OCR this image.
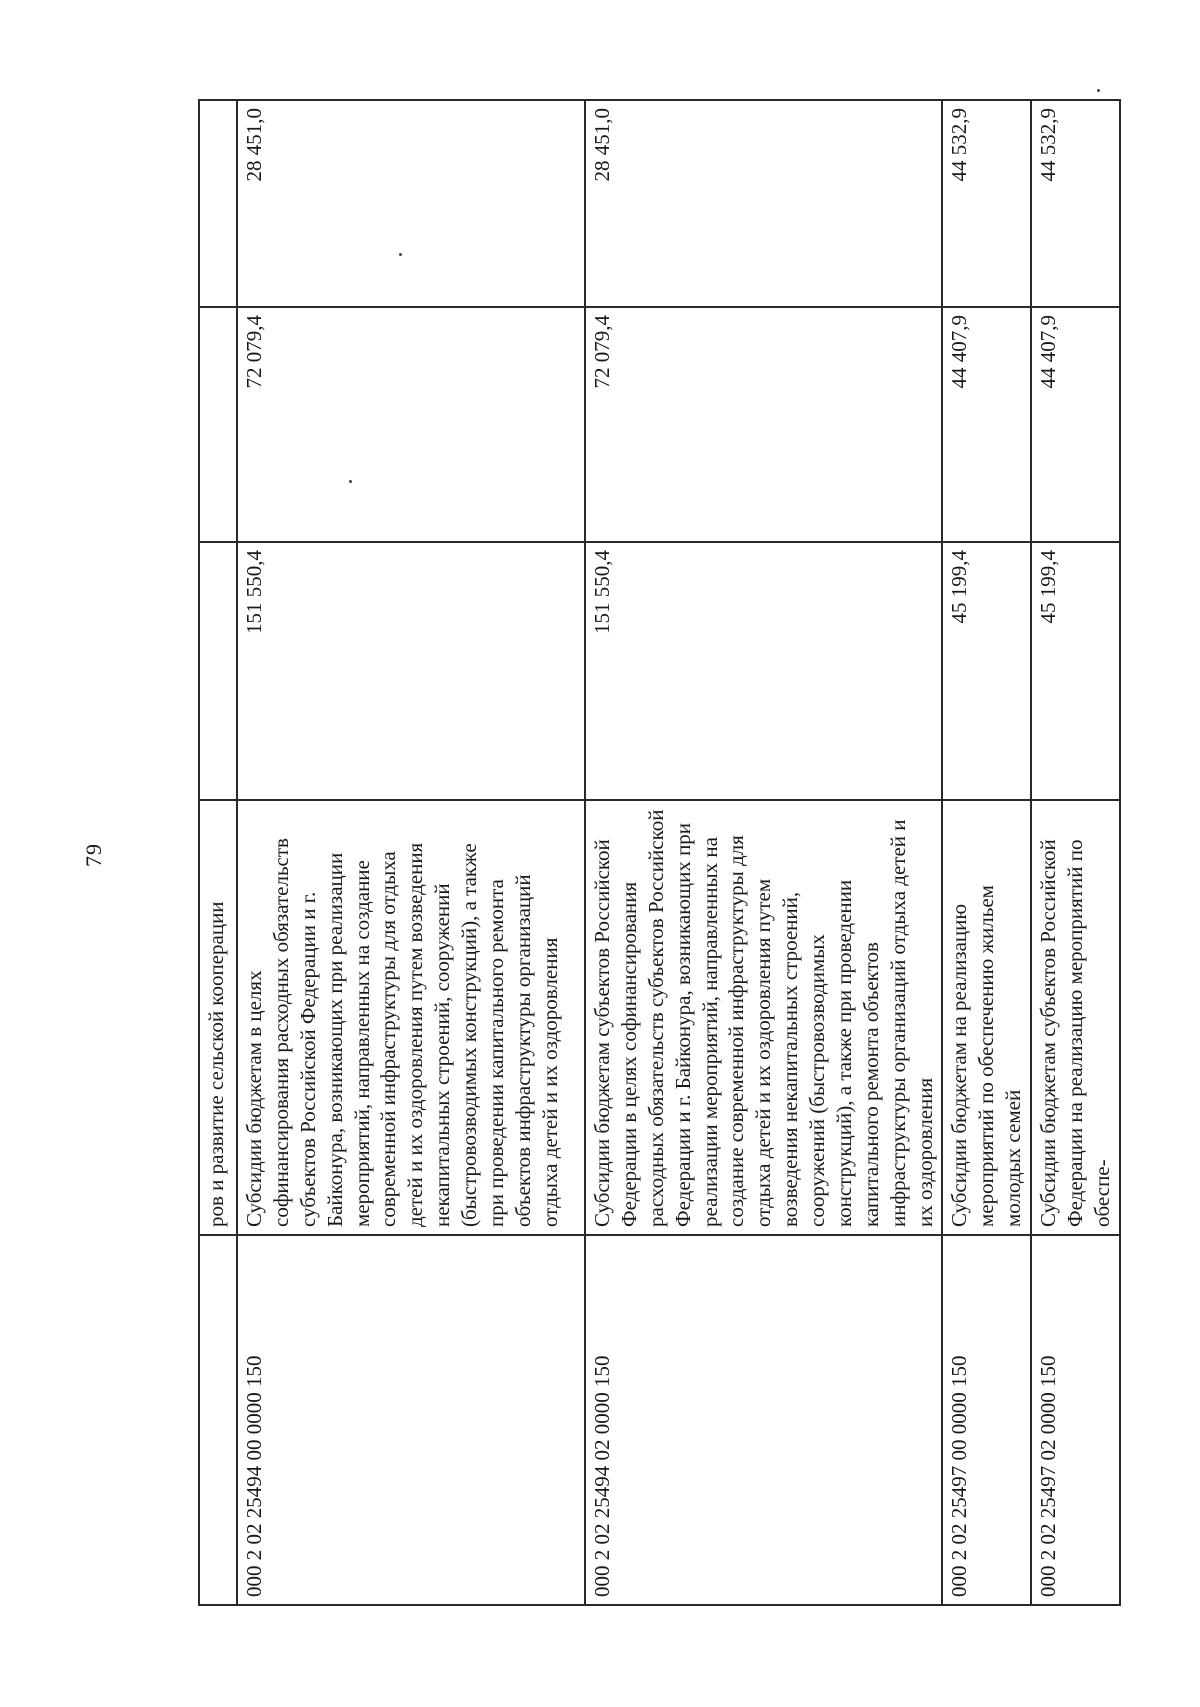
79
	ров и развитие сельской кооперации			
000 2 02 25494 00 0000 150	Субсидии бюджетам в целях софинансирования расходных обязательств субъектов Российской Федерации и г. Байконура, возникающих при реализации мероприятий, направленных на создание современной инфраструктуры для отдыха детей и их оздоровления путем возведения некапитальных строений, сооружений (быстровозводимых конструкций), а также при проведении капитального ремонта объектов инфраструктуры организаций отдыха детей и их оздоровления	151 550,4	72 079,4	28 451,0
000 2 02 25494 02 0000 150	Субсидии бюджетам субъектов Российской Федерации в целях софинансирования расходных обязательств субъектов Российской Федерации и г. Байконура, возникающих при реализации мероприятий, направленных на создание современной инфраструктуры для отдыха детей и их оздоровления путем возведения некапитальных строений, сооружений (быстровозводимых конструкций), а также при проведении капитального ремонта объектов инфраструктуры организаций отдыха детей и их оздоровления	151 550,4	72 079,4	28 451,0
000 2 02 25497 00 0000 150	Субсидии бюджетам на реализацию мероприятий по обеспечению жильем молодых семей	45 199,4	44 407,9	44 532,9
000 2 02 25497 02 0000 150	Субсидии бюджетам субъектов Российской Федерации на реализацию мероприятий по обеспе-	45 199,4	44 407,9	44 532,9
